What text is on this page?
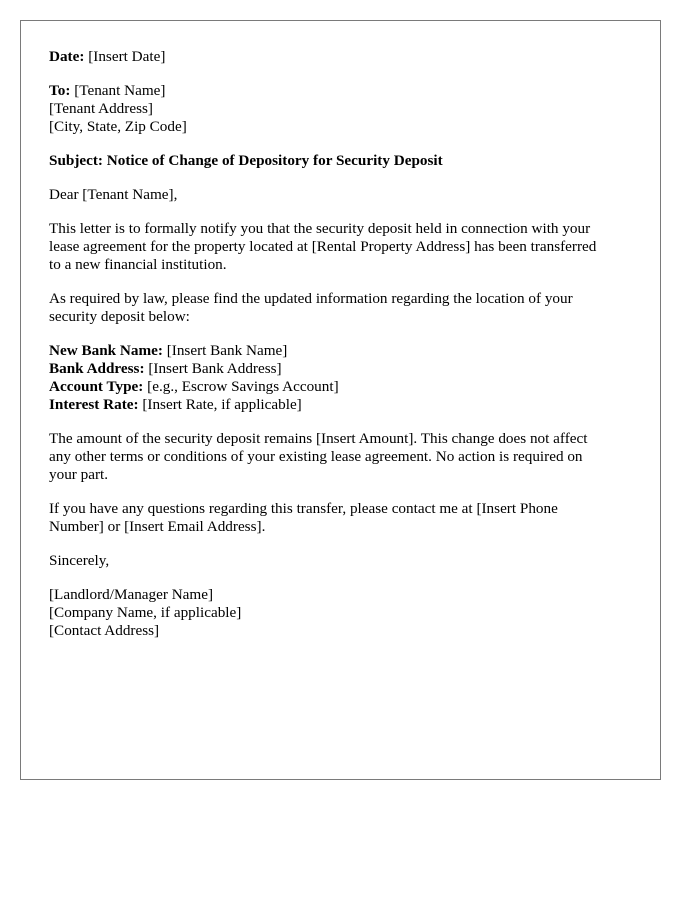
Date: [Insert Date]
To: [Tenant Name]
[Tenant Address]
[City, State, Zip Code]
Subject: Notice of Change of Depository for Security Deposit
Dear [Tenant Name],
This letter is to formally notify you that the security deposit held in connection with your
lease agreement for the property located at [Rental Property Address] has been transferred
to a new financial institution.
As required by law, please find the updated information regarding the location of your
security deposit below:
New Bank Name: [Insert Bank Name]
Bank Address: [Insert Bank Address]
Account Type: [e.g., Escrow Savings Account]
Interest Rate: [Insert Rate, if applicable]
The amount of the security deposit remains [Insert Amount]. This change does not affect
any other terms or conditions of your existing lease agreement. No action is required on
your part.
If you have any questions regarding this transfer, please contact me at [Insert Phone
Number] or [Insert Email Address].
Sincerely,
[Landlord/Manager Name]
[Company Name, if applicable]
[Contact Address]
